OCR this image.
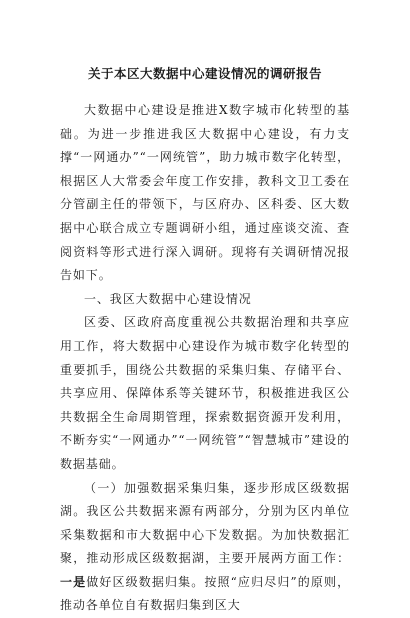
关于本区大数据中心建设情况的调研报告

大数据中心建设是推进X数字城市化转型的基础。为进一步推进我区大数据中心建设，有力支撑“一网通办”“一网统管”，助力城市数字化转型，根据区人大常委会年度工作安排，教科文卫工委在分管副主任的带领下，与区府办、区科委、区大数据中心联合成立专题调研小组，通过座谈交流、查阅资料等形式进行深入调研。现将有关调研情况报告如下。

一、我区大数据中心建设情况

区委、区政府高度重视公共数据治理和共享应用工作，将大数据中心建设作为城市数字化转型的重要抓手，围绕公共数据的采集归集、存储平台、共享应用、保障体系等关键环节，积极推进我区公共数据全生命周期管理，探索数据资源开发利用，不断夯实“一网通办”“一网统管”“智慧城市”建设的数据基础。

（一）加强数据采集归集，逐步形成区级数据湖。我区公共数据来源有两部分，分别为区内单位采集数据和市大数据中心下发数据。为加快数据汇聚，推动形成区级数据湖，主要开展两方面工作：一是做好区级数据归集。按照“应归尽归”的原则，推动各单位自有数据归集到区大
